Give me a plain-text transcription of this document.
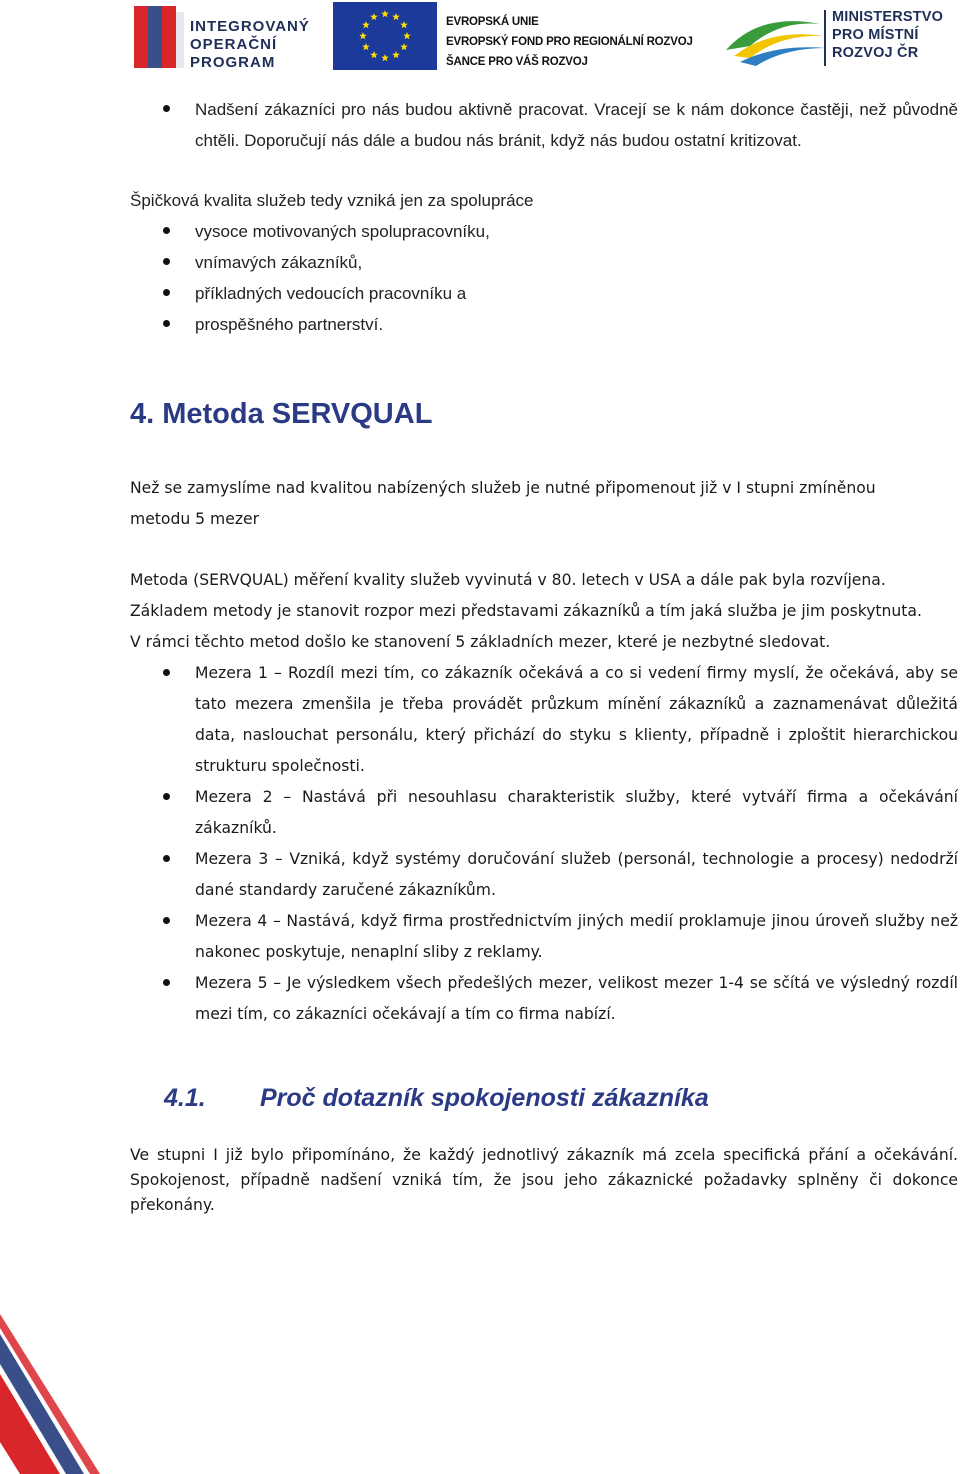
INTEGROVANÝ
OPERAČNÍ
PROGRAM
EVROPSKÁ UNIE
EVROPSKÝ FOND PRO REGIONÁLNÍ ROZVOJ
ŠANCE PRO VÁŠ ROZVOJ
MINISTERSTVO
PRO MÍSTNÍ
ROZVOJ ČR
Nadšení zákazníci pro nás budou aktivně pracovat. Vracejí se k nám dokonce častěji, než původně chtěli. Doporučují nás dále a budou nás bránit, když nás budou ostatní kritizovat.
Špičková kvalita služeb tedy vzniká jen za spolupráce
vysoce motivovaných spolupracovníku,
vnímavých zákazníků,
příkladných vedoucích pracovníku a
prospěšného partnerství.
4. Metoda SERVQUAL
Než se zamyslíme nad kvalitou nabízených služeb je nutné připomenout již v I stupni zmíněnou metodu 5 mezer
Metoda (SERVQUAL) měření kvality služeb vyvinutá v 80. letech v USA a dále pak byla rozvíjena.
Základem metody je stanovit rozpor mezi představami zákazníků a tím jaká služba je jim poskytnuta.
V rámci těchto metod došlo ke stanovení 5 základních mezer, které je nezbytné sledovat.
Mezera 1 – Rozdíl mezi tím, co zákazník očekává a co si vedení firmy myslí, že očekává, aby se tato mezera zmenšila je třeba provádět průzkum mínění zákazníků a zaznamenávat důležitá data, naslouchat personálu, který přichází do styku s klienty, případně i zploštit hierarchickou strukturu společnosti.
Mezera 2 – Nastává při nesouhlasu charakteristik služby, které vytváří firma a očekávání zákazníků.
Mezera 3 – Vzniká, když systémy doručování služeb (personál, technologie a procesy) nedodrží dané standardy zaručené zákazníkům.
Mezera 4 – Nastává, když firma prostřednictvím jiných medií proklamuje jinou úroveň služby než nakonec poskytuje, nenaplní sliby z reklamy.
Mezera 5 – Je výsledkem všech předešlých mezer, velikost mezer 1-4 se sčítá ve výsledný rozdíl mezi tím, co zákazníci očekávají a tím co firma nabízí.
4.1. Proč dotazník spokojenosti zákazníka
Ve stupni I již bylo připomínáno, že každý jednotlivý zákazník má zcela specifická přání a očekávání. Spokojenost, případně nadšení vzniká tím, že jsou jeho zákaznické požadavky splněny či dokonce překonány.
